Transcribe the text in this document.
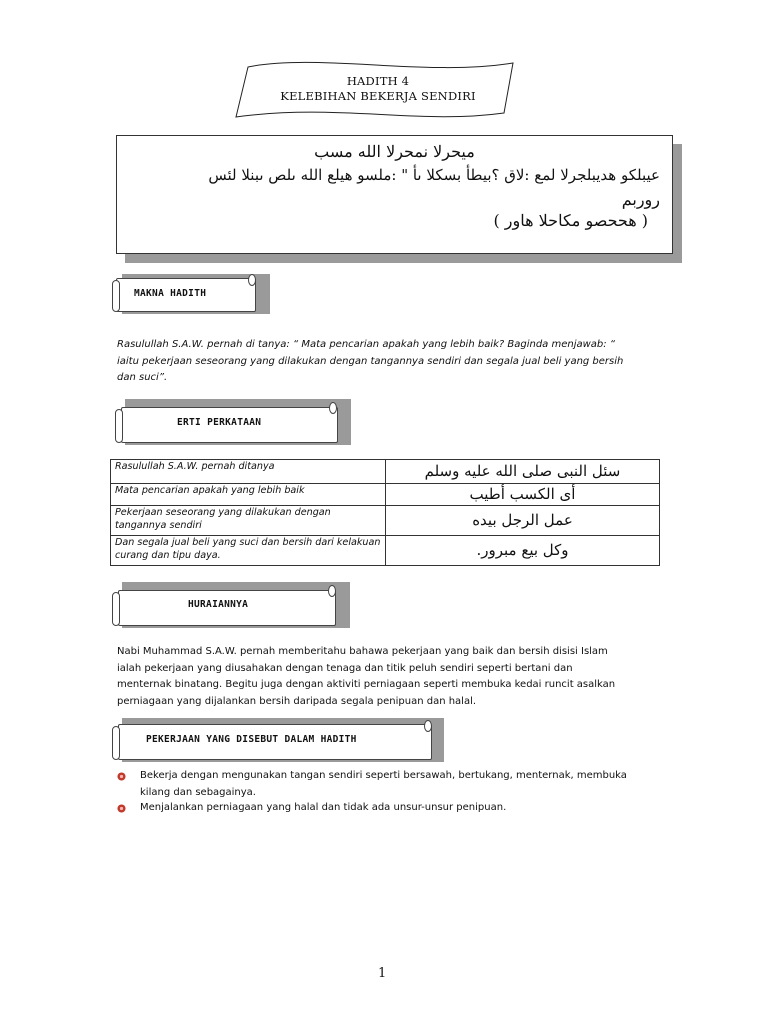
HADITH 4
KELEBIHAN BEKERJA SENDIRI
ميحرلا نمحرلا الله مسب
عيبلكو هديبلجرلا لمع :لاق ؟بيطأ بسكلا ىأ " :ملسو هيلع الله ىلص ىبنلا لئس
روربم
( هححصو مكاحلا هاور )
MAKNA HADITH
Rasulullah S.A.W. pernah di tanya: “ Mata pencarian apakah yang lebih baik? Baginda menjawab: “
iaitu pekerjaan seseorang yang dilakukan dengan tangannya sendiri dan segala jual beli yang bersih
dan suci”.
ERTI PERKATAAN
Rasulullah S.A.W. pernah ditanya	سئل النبى صلى الله عليه وسلم
Mata pencarian apakah yang lebih baik	أى الكسب أطيب
Pekerjaan seseorang yang dilakukan dengan tangannya sendiri	عمل الرجل بيده
Dan segala jual beli yang suci dan bersih dari kelakuan curang dan tipu daya.	وكل بيع مبرور.
HURAIANNYA
Nabi Muhammad S.A.W. pernah memberitahu bahawa pekerjaan yang baik dan bersih disisi Islam
ialah pekerjaan yang diusahakan dengan tenaga dan titik peluh sendiri seperti bertani dan
menternak binatang. Begitu juga dengan aktiviti perniagaan seperti membuka kedai runcit asalkan
perniagaan yang dijalankan bersih daripada segala penipuan dan halal.
PEKERJAAN YANG DISEBUT DALAM HADITH
Bekerja dengan mengunakan tangan sendiri seperti bersawah, bertukang, menternak, membuka
kilang dan sebagainya.
Menjalankan perniagaan yang halal dan tidak ada unsur-unsur penipuan.
1
